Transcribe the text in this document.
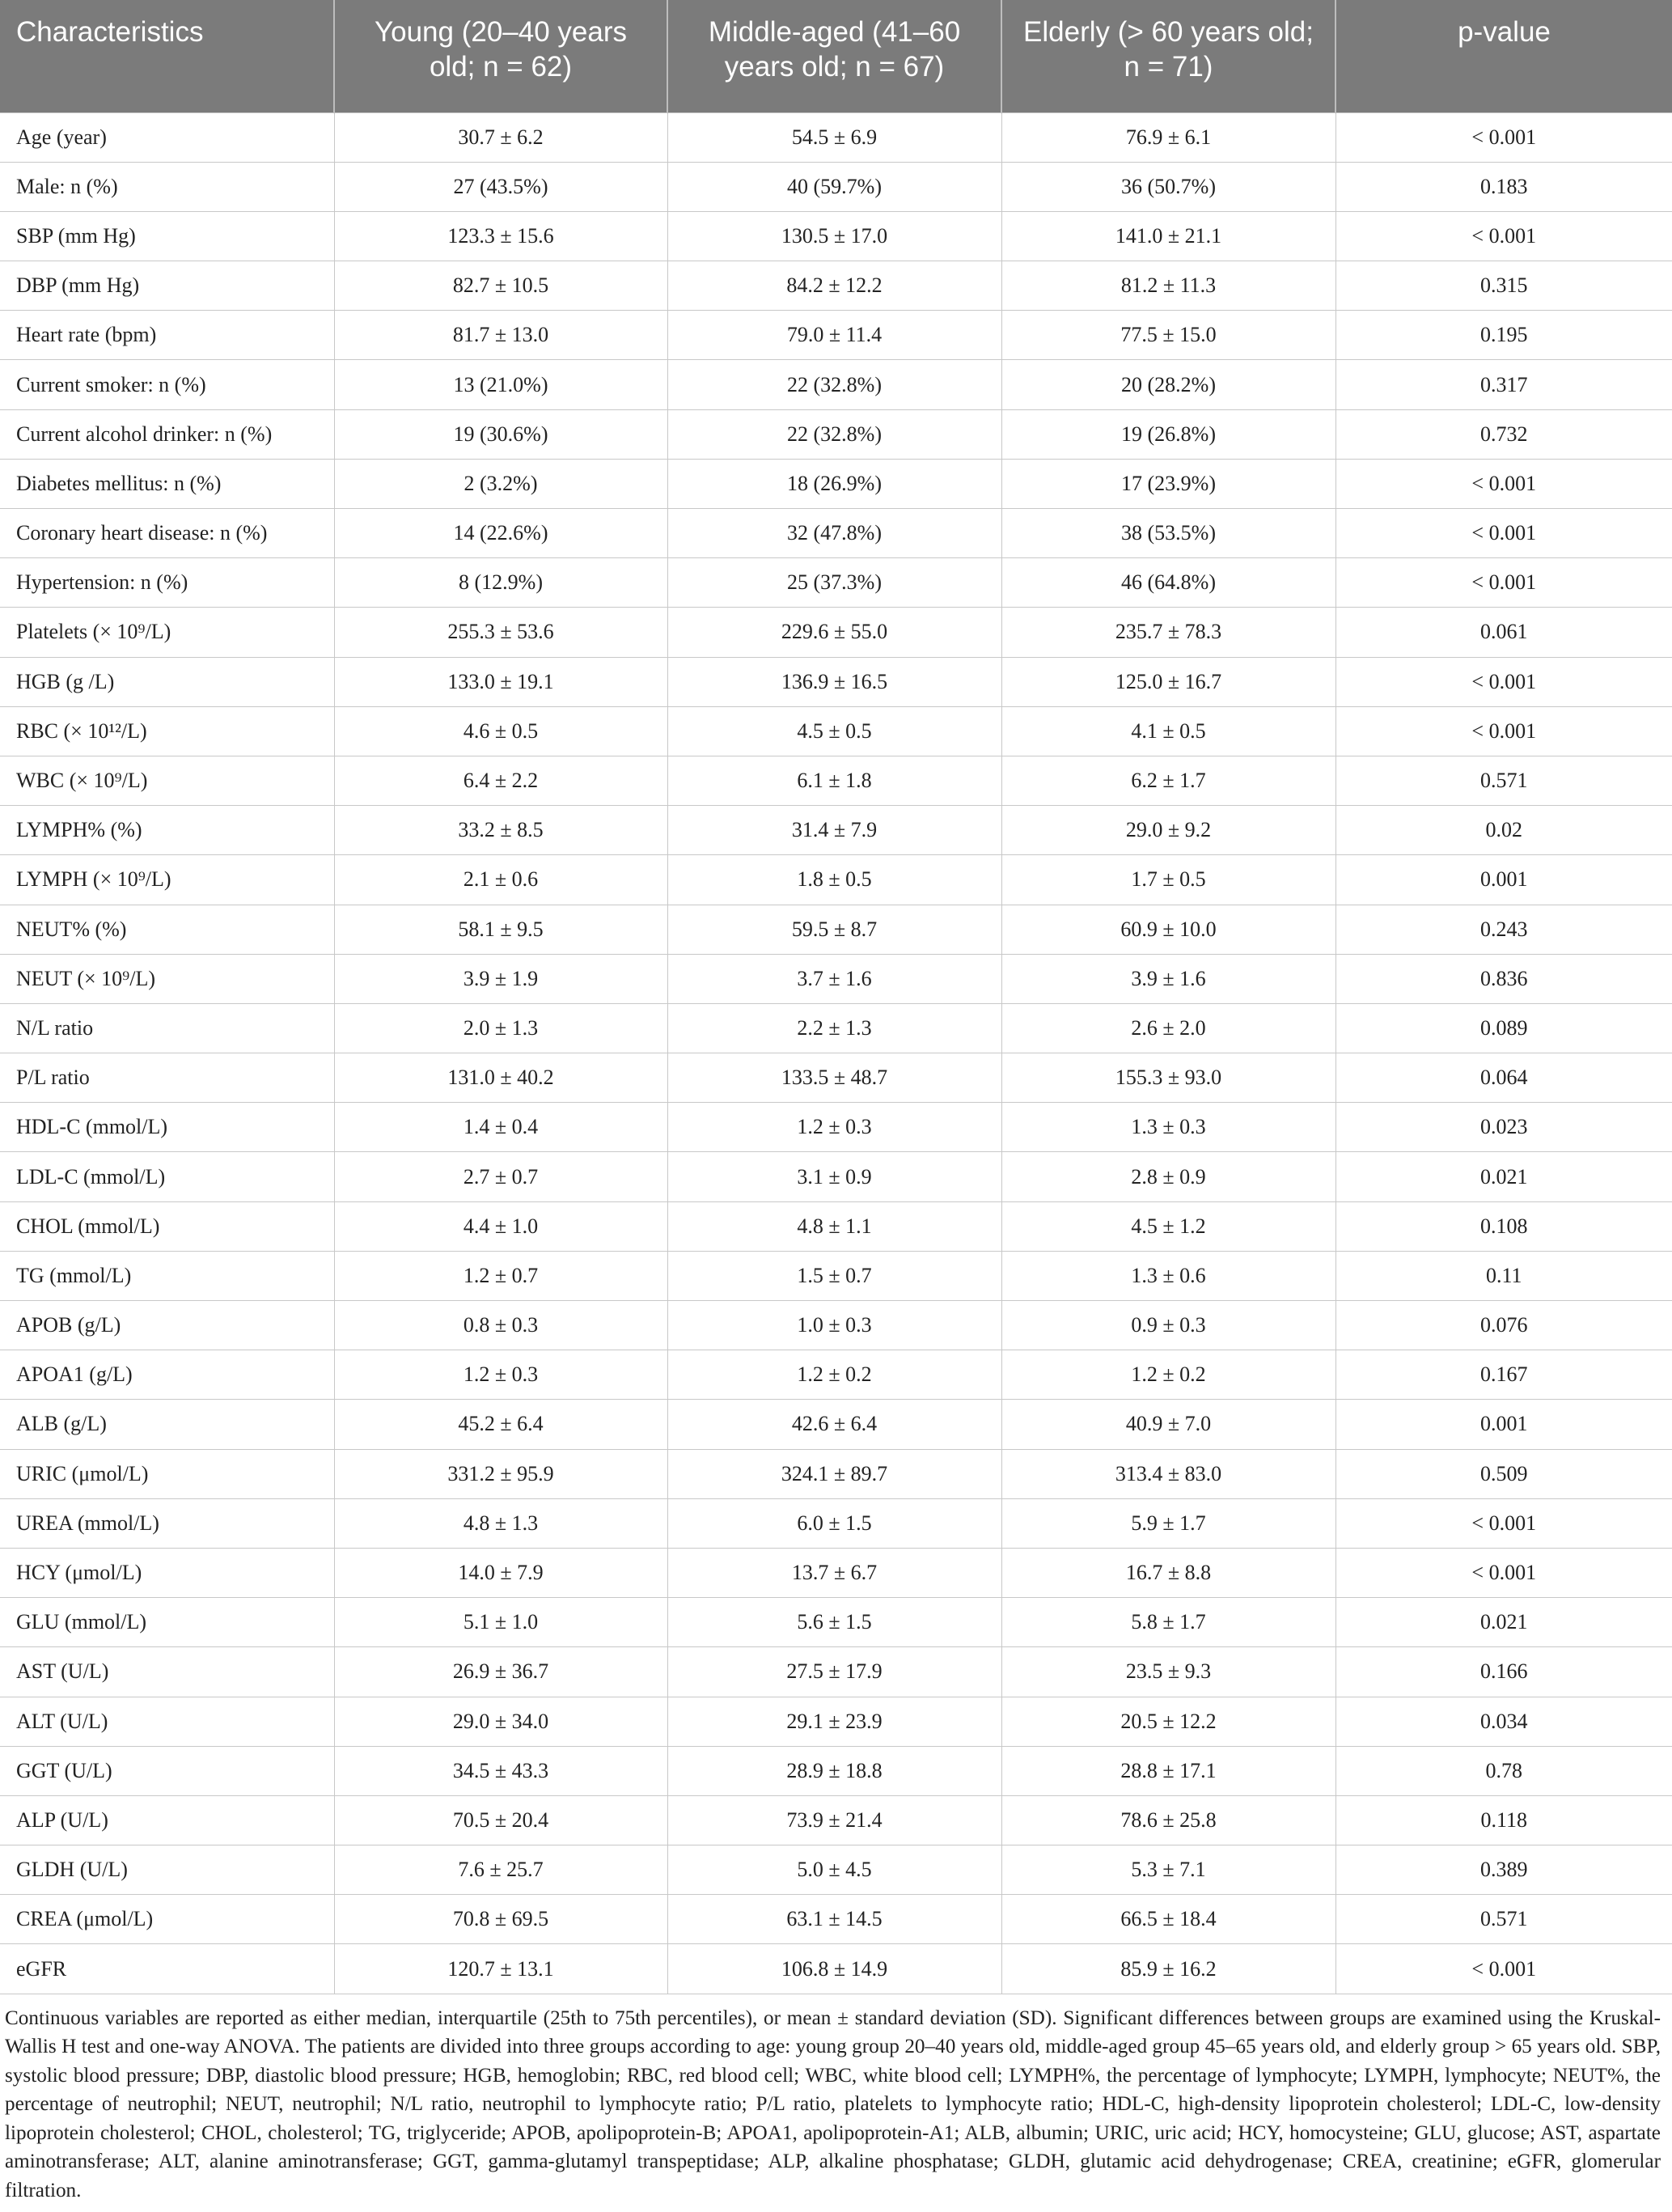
Characteristics	Young (20–40 years old; n = 62)	Middle-aged (41–60 years old; n = 67)	Elderly (> 60 years old; n = 71)	p-value
Age (year)	30.7 ± 6.2	54.5 ± 6.9	76.9 ± 6.1	< 0.001
Male: n (%)	27 (43.5%)	40 (59.7%)	36 (50.7%)	0.183
SBP (mm Hg)	123.3 ± 15.6	130.5 ± 17.0	141.0 ± 21.1	< 0.001
DBP (mm Hg)	82.7 ± 10.5	84.2 ± 12.2	81.2 ± 11.3	0.315
Heart rate (bpm)	81.7 ± 13.0	79.0 ± 11.4	77.5 ± 15.0	0.195
Current smoker: n (%)	13 (21.0%)	22 (32.8%)	20 (28.2%)	0.317
Current alcohol drinker: n (%)	19 (30.6%)	22 (32.8%)	19 (26.8%)	0.732
Diabetes mellitus: n (%)	2 (3.2%)	18 (26.9%)	17 (23.9%)	< 0.001
Coronary heart disease: n (%)	14 (22.6%)	32 (47.8%)	38 (53.5%)	< 0.001
Hypertension: n (%)	8 (12.9%)	25 (37.3%)	46 (64.8%)	< 0.001
Platelets (× 10⁹/L)	255.3 ± 53.6	229.6 ± 55.0	235.7 ± 78.3	0.061
HGB (g /L)	133.0 ± 19.1	136.9 ± 16.5	125.0 ± 16.7	< 0.001
RBC (× 10¹²/L)	4.6 ± 0.5	4.5 ± 0.5	4.1 ± 0.5	< 0.001
WBC (× 10⁹/L)	6.4 ± 2.2	6.1 ± 1.8	6.2 ± 1.7	0.571
LYMPH% (%)	33.2 ± 8.5	31.4 ± 7.9	29.0 ± 9.2	0.02
LYMPH (× 10⁹/L)	2.1 ± 0.6	1.8 ± 0.5	1.7 ± 0.5	0.001
NEUT% (%)	58.1 ± 9.5	59.5 ± 8.7	60.9 ± 10.0	0.243
NEUT (× 10⁹/L)	3.9 ± 1.9	3.7 ± 1.6	3.9 ± 1.6	0.836
N/L ratio	2.0 ± 1.3	2.2 ± 1.3	2.6 ± 2.0	0.089
P/L ratio	131.0 ± 40.2	133.5 ± 48.7	155.3 ± 93.0	0.064
HDL-C (mmol/L)	1.4 ± 0.4	1.2 ± 0.3	1.3 ± 0.3	0.023
LDL-C (mmol/L)	2.7 ± 0.7	3.1 ± 0.9	2.8 ± 0.9	0.021
CHOL (mmol/L)	4.4 ± 1.0	4.8 ± 1.1	4.5 ± 1.2	0.108
TG (mmol/L)	1.2 ± 0.7	1.5 ± 0.7	1.3 ± 0.6	0.11
APOB (g/L)	0.8 ± 0.3	1.0 ± 0.3	0.9 ± 0.3	0.076
APOA1 (g/L)	1.2 ± 0.3	1.2 ± 0.2	1.2 ± 0.2	0.167
ALB (g/L)	45.2 ± 6.4	42.6 ± 6.4	40.9 ± 7.0	0.001
URIC (μmol/L)	331.2 ± 95.9	324.1 ± 89.7	313.4 ± 83.0	0.509
UREA (mmol/L)	4.8 ± 1.3	6.0 ± 1.5	5.9 ± 1.7	< 0.001
HCY (μmol/L)	14.0 ± 7.9	13.7 ± 6.7	16.7 ± 8.8	< 0.001
GLU (mmol/L)	5.1 ± 1.0	5.6 ± 1.5	5.8 ± 1.7	0.021
AST (U/L)	26.9 ± 36.7	27.5 ± 17.9	23.5 ± 9.3	0.166
ALT (U/L)	29.0 ± 34.0	29.1 ± 23.9	20.5 ± 12.2	0.034
GGT (U/L)	34.5 ± 43.3	28.9 ± 18.8	28.8 ± 17.1	0.78
ALP (U/L)	70.5 ± 20.4	73.9 ± 21.4	78.6 ± 25.8	0.118
GLDH (U/L)	7.6 ± 25.7	5.0 ± 4.5	5.3 ± 7.1	0.389
CREA (μmol/L)	70.8 ± 69.5	63.1 ± 14.5	66.5 ± 18.4	0.571
eGFR	120.7 ± 13.1	106.8 ± 14.9	85.9 ± 16.2	< 0.001
Continuous variables are reported as either median, interquartile (25th to 75th percentiles), or mean ± standard deviation (SD). Significant differences between groups are examined using the Kruskal-Wallis H test and one-way ANOVA. The patients are divided into three groups according to age: young group 20–40 years old, middle-aged group 45–65 years old, and elderly group > 65 years old. SBP, systolic blood pressure; DBP, diastolic blood pressure; HGB, hemoglobin; RBC, red blood cell; WBC, white blood cell; LYMPH%, the percentage of lymphocyte; LYMPH, lymphocyte; NEUT%, the percentage of neutrophil; NEUT, neutrophil; N/L ratio, neutrophil to lymphocyte ratio; P/L ratio, platelets to lymphocyte ratio; HDL-C, high-density lipoprotein cholesterol; LDL-C, low-density lipoprotein cholesterol; CHOL, cholesterol; TG, triglyceride; APOB, apolipoprotein-B; APOA1, apolipoprotein-A1; ALB, albumin; URIC, uric acid; HCY, homocysteine; GLU, glucose; AST, aspartate aminotransferase; ALT, alanine aminotransferase; GGT, gamma-glutamyl transpeptidase; ALP, alkaline phosphatase; GLDH, glutamic acid dehydrogenase; CREA, creatinine; eGFR, glomerular filtration.
